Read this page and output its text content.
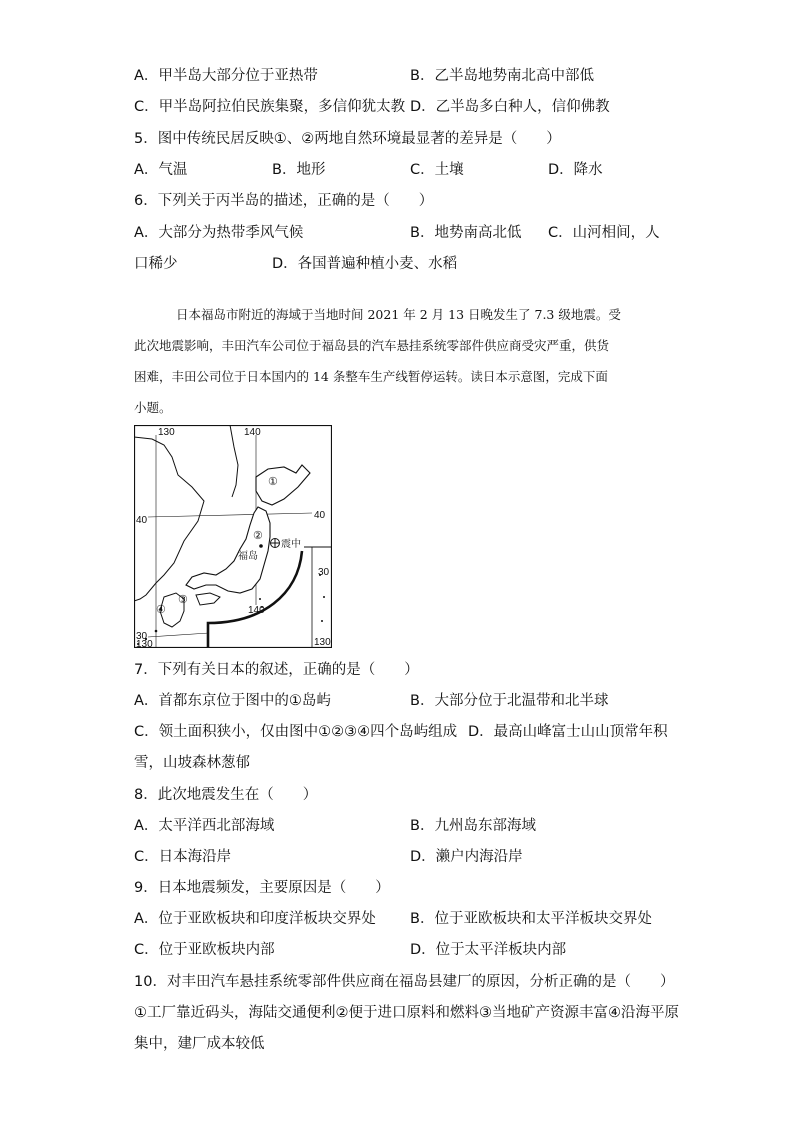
A．甲半岛大部分位于亚热带	B．乙半岛地势南北高中部低
C．甲半岛阿拉伯民族集聚，多信仰犹太教 D．乙半岛多白种人，信仰佛教
5．图中传统民居反映①、②两地自然环境最显著的差异是（　　）
A．气温	B．地形	C．土壤	D．降水
6．下列关于丙半岛的描述，正确的是（　　）
A．大部分为热带季风气候	B．地势南高北低 C．山河相间，人
口稀少	D．各国普遍种植小麦、水稻
日本福岛市附近的海域于当地时间 2021 年 2 月 13 日晚发生了 7.3 级地震。受
此次地震影响，丰田汽车公司位于福岛县的汽车悬挂系统零部件供应商受灾严重，供货
困难，丰田公司位于日本国内的 14 条整车生产线暂停运转。读日本示意图，完成下面
小题。
130	140
40	40
30
30
130
140
130
①
②
③
④
福岛
震中
7．下列有关日本的叙述，正确的是（　　）
A．首都东京位于图中的①岛屿	B．大部分位于北温带和北半球
C．领土面积狭小，仅由图中①②③④四个岛屿组成 D．最高山峰富士山山顶常年积
雪，山坡森林葱郁
8．此次地震发生在（　　）
A．太平洋西北部海域	B．九州岛东部海域
C．日本海沿岸	D．濑户内海沿岸
9．日本地震频发，主要原因是（　　）
A．位于亚欧板块和印度洋板块交界处 B．位于亚欧板块和太平洋板块交界处
C．位于亚欧板块内部	D．位于太平洋板块内部
10．对丰田汽车悬挂系统零部件供应商在福岛县建厂的原因，分析正确的是（　　）
①工厂靠近码头，海陆交通便利②便于进口原料和燃料③当地矿产资源丰富④沿海平原
集中，建厂成本较低
